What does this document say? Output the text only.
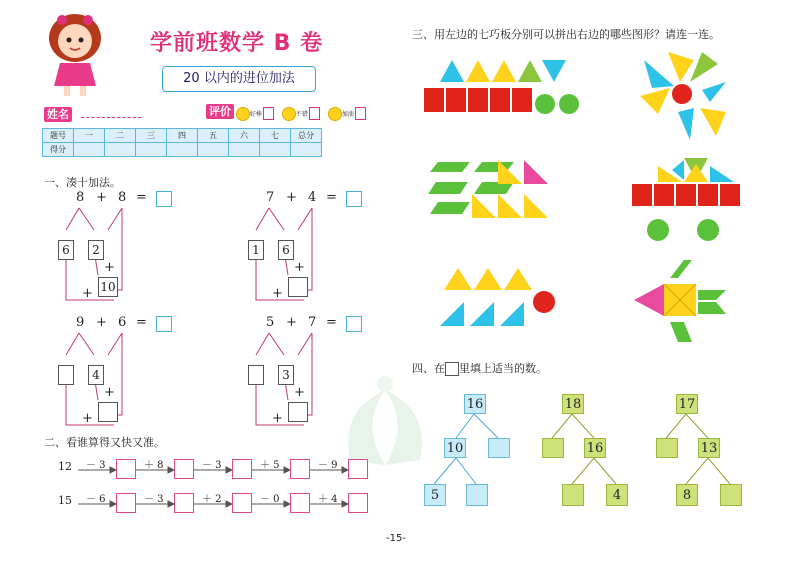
学前班数学 B 卷
20 以内的进位加法
姓名	评价	好棒	不错	加油
题号	一	二	三	四	五	六	七	总分
得分								
一、凑十加法。
8 + 8 =
6	2
+
10
+
7 + 4 =
1	6
+
+
9 + 6 =
4
+
+
5 + 7 =
3
+
+
二、看谁算得又快又准。
12 － 3	＋ 8	－ 3	＋ 5	－ 9
15 － 6	－ 3	＋ 2	－ 0	＋ 4
三、用左边的七巧板分别可以拼出右边的哪些图形？请连一连。
四、在 里填上适当的数。
16
10
5
18
16
4
17
13
8
-15-
